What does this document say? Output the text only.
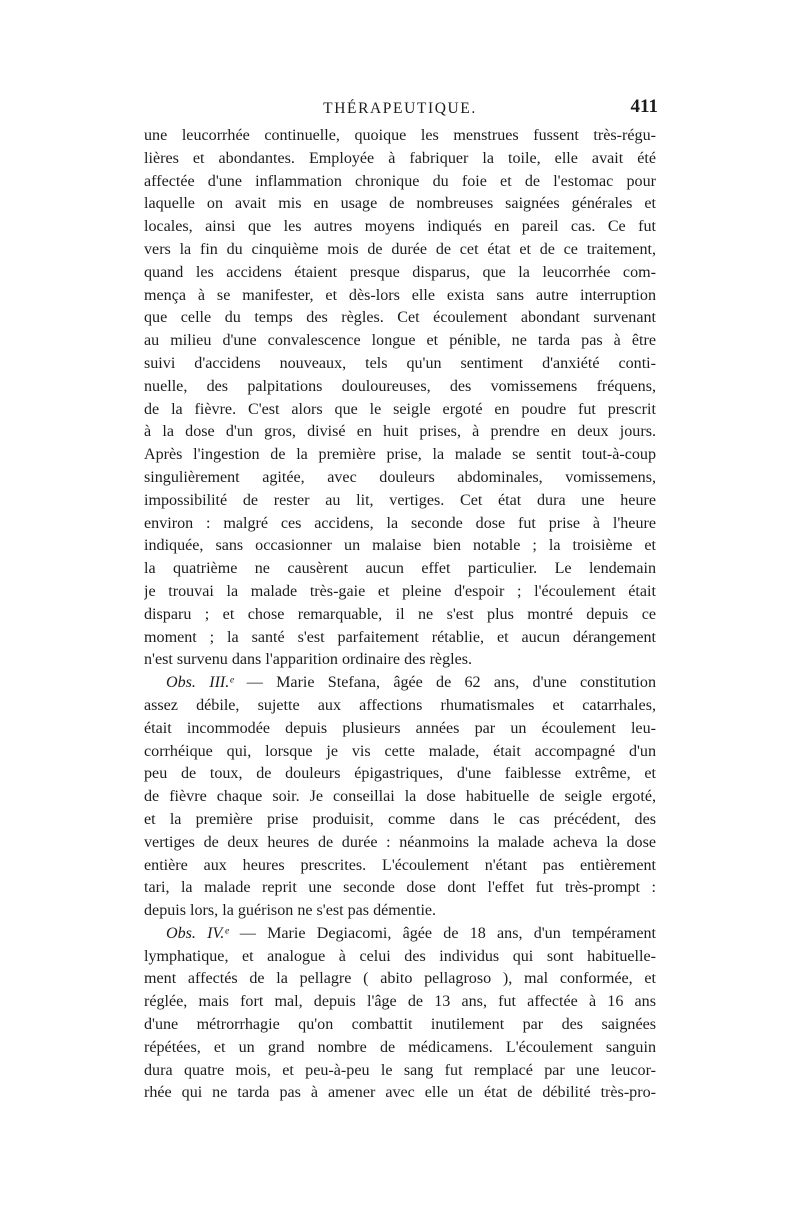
THÉRAPEUTIQUE.	411
une leucorrhée continuelle, quoique les menstrues fussent très-régu-
lières et abondantes. Employée à fabriquer la toile, elle avait été
affectée d'une inflammation chronique du foie et de l'estomac pour
laquelle on avait mis en usage de nombreuses saignées générales et
locales, ainsi que les autres moyens indiqués en pareil cas. Ce fut
vers la fin du cinquième mois de durée de cet état et de ce traitement,
quand les accidens étaient presque disparus, que la leucorrhée com-
mença à se manifester, et dès-lors elle exista sans autre interruption
que celle du temps des règles. Cet écoulement abondant survenant
au milieu d'une convalescence longue et pénible, ne tarda pas à être
suivi d'accidens nouveaux, tels qu'un sentiment d'anxiété conti-
nuelle, des palpitations douloureuses, des vomissemens fréquens,
de la fièvre. C'est alors que le seigle ergoté en poudre fut prescrit
à la dose d'un gros, divisé en huit prises, à prendre en deux jours.
Après l'ingestion de la première prise, la malade se sentit tout-à-coup
singulièrement agitée, avec douleurs abdominales, vomissemens,
impossibilité de rester au lit, vertiges. Cet état dura une heure
environ : malgré ces accidens, la seconde dose fut prise à l'heure
indiquée, sans occasionner un malaise bien notable ; la troisième et
la quatrième ne causèrent aucun effet particulier. Le lendemain
je trouvai la malade très-gaie et pleine d'espoir ; l'écoulement était
disparu ; et chose remarquable, il ne s'est plus montré depuis ce
moment ; la santé s'est parfaitement rétablie, et aucun dérangement
n'est survenu dans l'apparition ordinaire des règles.
Obs. III.ᵉ — Marie Stefana, âgée de 62 ans, d'une constitution
assez débile, sujette aux affections rhumatismales et catarrhales,
était incommodée depuis plusieurs années par un écoulement leu-
corrhéique qui, lorsque je vis cette malade, était accompagné d'un
peu de toux, de douleurs épigastriques, d'une faiblesse extrême, et
de fièvre chaque soir. Je conseillai la dose habituelle de seigle ergoté,
et la première prise produisit, comme dans le cas précédent, des
vertiges de deux heures de durée : néanmoins la malade acheva la dose
entière aux heures prescrites. L'écoulement n'étant pas entièrement
tari, la malade reprit une seconde dose dont l'effet fut très-prompt :
depuis lors, la guérison ne s'est pas démentie.
Obs. IV.ᵉ — Marie Degiacomi, âgée de 18 ans, d'un tempérament
lymphatique, et analogue à celui des individus qui sont habituelle-
ment affectés de la pellagre ( abito pellagroso ), mal conformée, et
réglée, mais fort mal, depuis l'âge de 13 ans, fut affectée à 16 ans
d'une métrorrhagie qu'on combattit inutilement par des saignées
répétées, et un grand nombre de médicamens. L'écoulement sanguin
dura quatre mois, et peu-à-peu le sang fut remplacé par une leucor-
rhée qui ne tarda pas à amener avec elle un état de débilité très-pro-
